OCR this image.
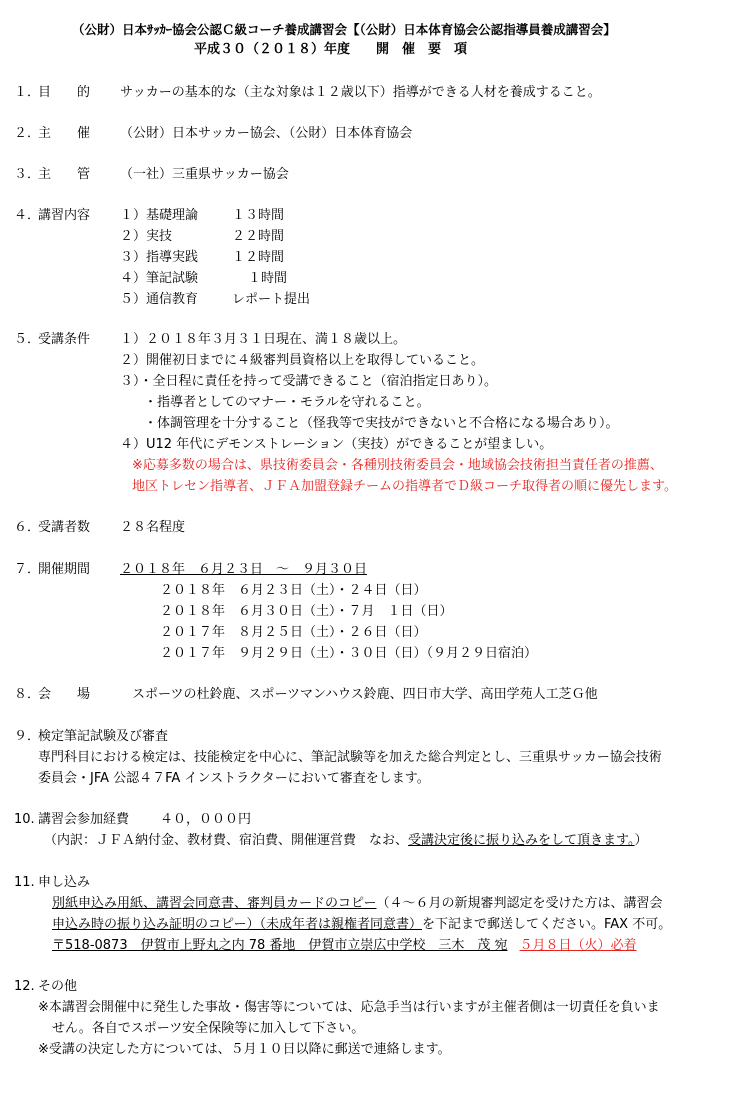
（公財）日本ｻｯｶｰ協会公認Ｃ級コーチ養成講習会【（公財）日本体育協会公認指導員養成講習会】
平成３０（２０１８）年度　　開　催　要　項
１．
目　　的 サッカーの基本的な（主な対象は１２歳以下）指導ができる人材を養成すること。
２．
主　　催 （公財）日本サッカー協会、（公財）日本体育協会
３．
主　　管 （一社）三重県サッカー協会
４．
講習内容 １）基礎理論	１３時間
２）実技	２２時間
３）指導実践	１２時間
４）筆記試験	１時間
５）通信教育	レポート提出
５．
受講条件 １）２０１８年３月３１日現在、満１８歳以上。
２）開催初日までに４級審判員資格以上を取得していること。
３）・全日程に責任を持って受講できること（宿泊指定日あり）。
・指導者としてのマナー・モラルを守れること。
・体調管理を十分すること（怪我等で実技ができないと不合格になる場合あり）。
４）U12 年代にデモンストレーション（実技）ができることが望ましい。
※応募多数の場合は、県技術委員会・各種別技術委員会・地域協会技術担当責任者の推薦、
地区トレセン指導者、ＪＦＡ加盟登録チームの指導者でＤ級コーチ取得者の順に優先します。
６．
受講者数 ２８名程度
７．
開催期間 ２０１８年　６月２３日　～　９月３０日
２０１８年　６月２３日（土）・２４日（日）
２０１８年　６月３０日（土）・７月　１日（日）
２０１７年　８月２５日（土）・２６日（日）
２０１７年　９月２９日（土）・３０日（日）（９月２９日宿泊）
８．
会　　場	スポーツの杜鈴鹿、スポーツマンハウス鈴鹿、四日市大学、高田学苑人工芝Ｇ他
９．
検定筆記試験及び審査
専門科目における検定は、技能検定を中心に、筆記試験等を加えた総合判定とし、三重県サッカー協会技術
委員会・JFA 公認４７FA インストラクターにおいて審査をします。
10. 講習会参加経費 ４０，０００円
（内訳：ＪＦＡ納付金、教材費、宿泊費、開催運営費　なお、受講決定後に振り込みをして頂きます。）
11. 申し込み
別紙申込み用紙、講習会同意書、審判員カードのコピー（４～６月の新規審判認定を受けた方は、講習会
申込み時の振り込み証明のコピー）（未成年者は親権者同意書）を下記まで郵送してください。FAX 不可。
〒518-0873　伊賀市上野丸之内 78 番地　伊賀市立崇広中学校　三木　茂 宛 ５月８日（火）必着
12. その他
※本講習会開催中に発生した事故・傷害等については、応急手当は行いますが主催者側は一切責任を負いま
せん。各自でスポーツ安全保険等に加入して下さい。
※受講の決定した方については、５月１０日以降に郵送で連絡します。
